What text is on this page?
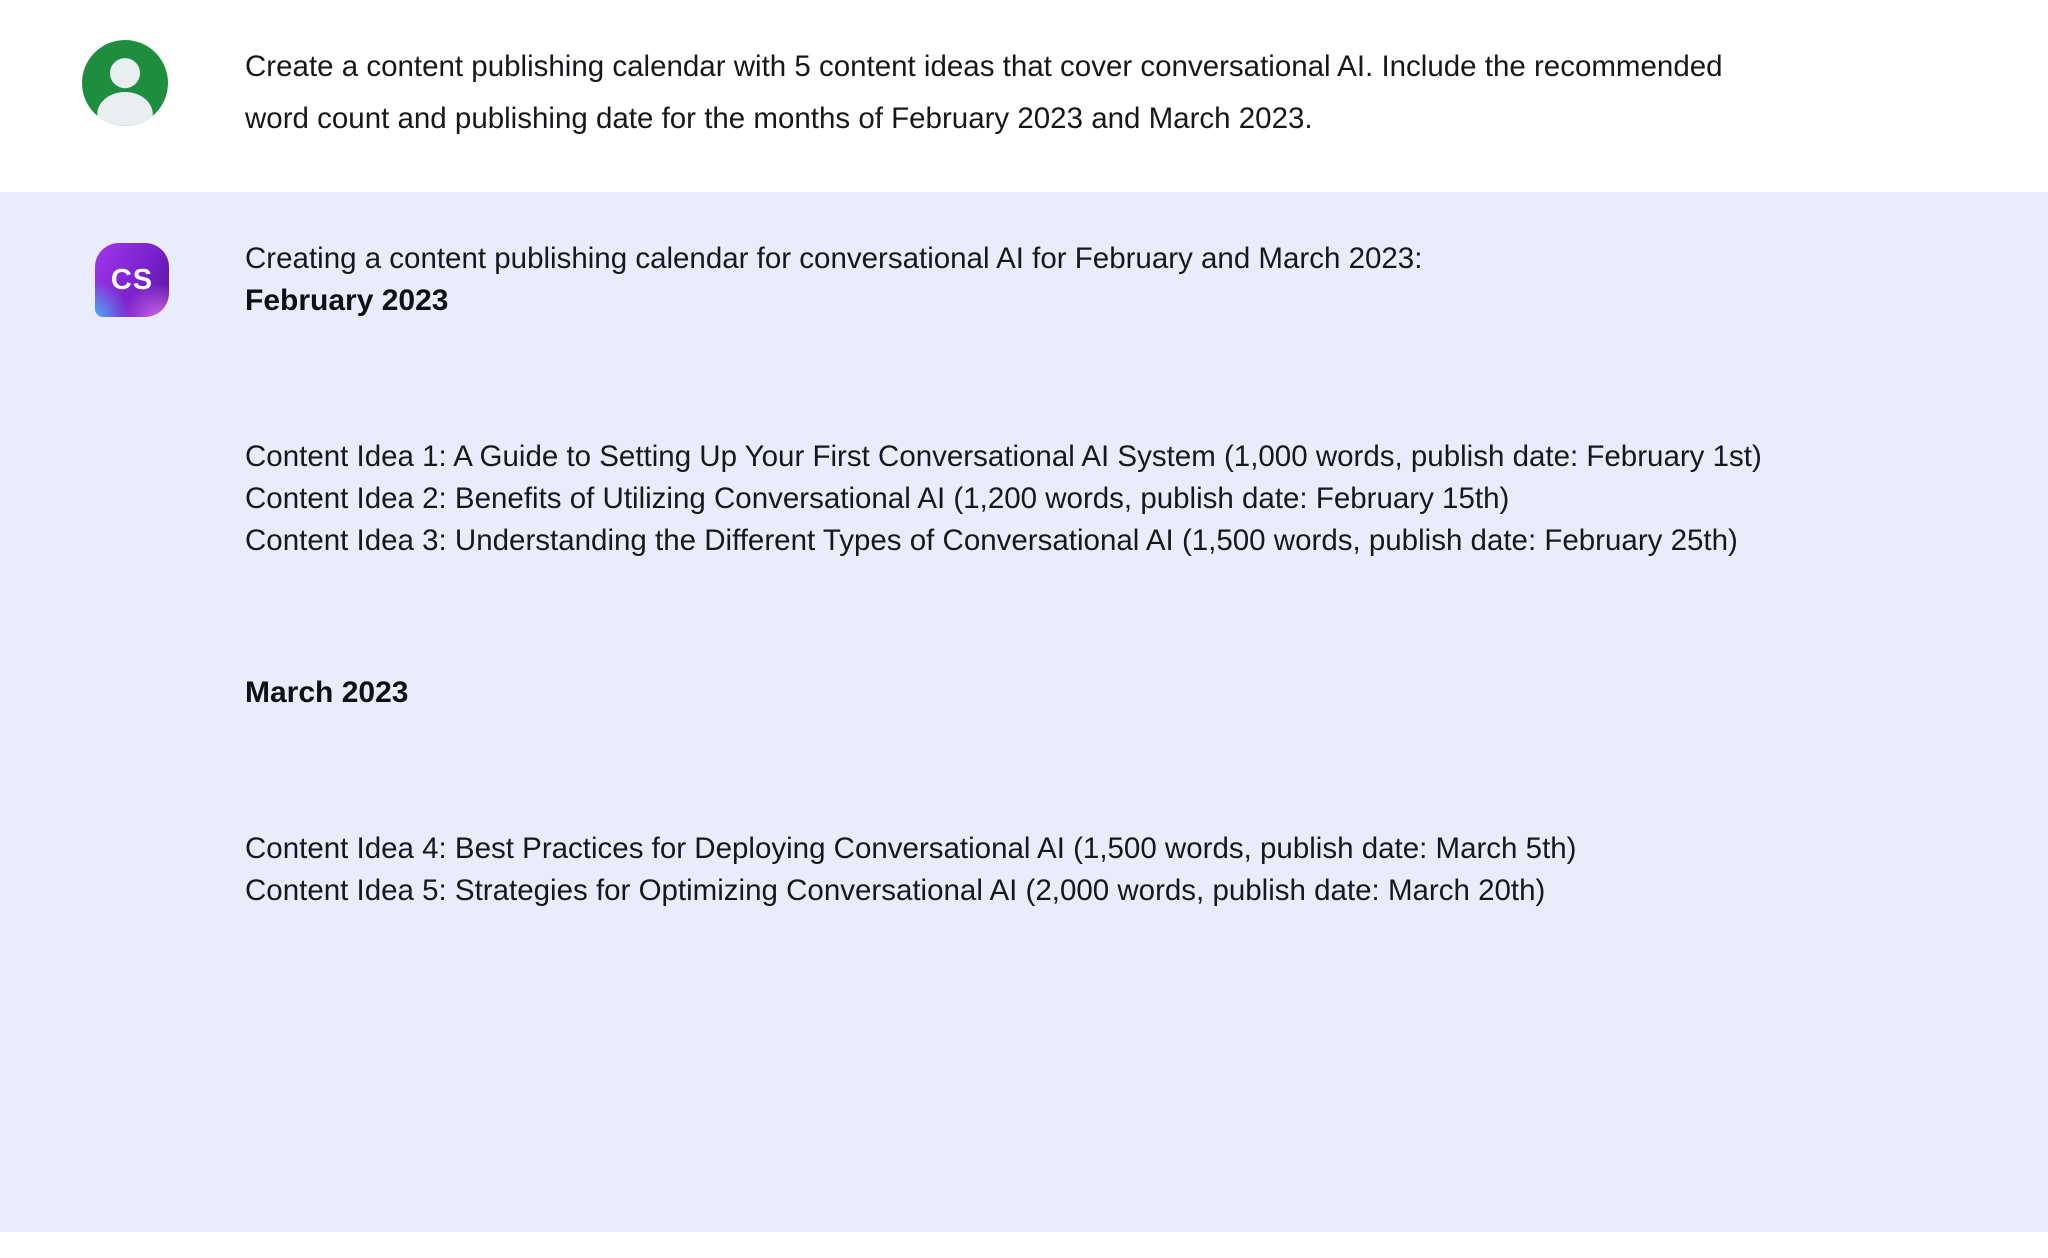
Create a content publishing calendar with 5 content ideas that cover conversational AI. Include the recommended
word count and publishing date for the months of February 2023 and March 2023.
CS

Creating a content publishing calendar for conversational AI for February and March 2023:

February 2023

Content Idea 1: A Guide to Setting Up Your First Conversational AI System (1,000 words, publish date: February 1st)

Content Idea 2: Benefits of Utilizing Conversational AI (1,200 words, publish date: February 15th)

Content Idea 3: Understanding the Different Types of Conversational AI (1,500 words, publish date: February 25th)

March 2023

Content Idea 4: Best Practices for Deploying Conversational AI (1,500 words, publish date: March 5th)

Content Idea 5: Strategies for Optimizing Conversational AI (2,000 words, publish date: March 20th)
